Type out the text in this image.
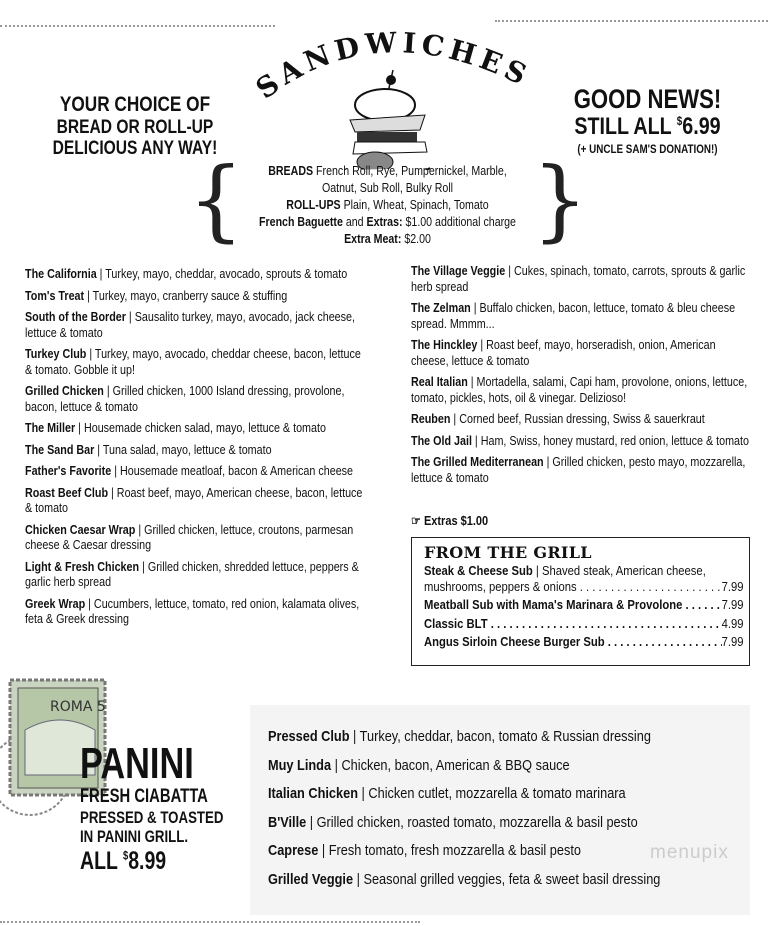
SANDWICHES
YOUR CHOICE OF
BREAD OR ROLL-UP
DELICIOUS ANY WAY!
GOOD NEWS!
STILL ALL $6.99
(+ UNCLE SAM'S DONATION!)
{	}
BREADS French Roll, Rye, Pumpernickel, Marble, Oatnut, Sub Roll, Bulky Roll
ROLL-UPS Plain, Wheat, Spinach, Tomato
French Baguette and Extras: $1.00 additional charge
Extra Meat: $2.00
The California | Turkey, mayo, cheddar, avocado, sprouts & tomato
Tom's Treat | Turkey, mayo, cranberry sauce & stuffing
South of the Border | Sausalito turkey, mayo, avocado, jack cheese, lettuce & tomato
Turkey Club | Turkey, mayo, avocado, cheddar cheese, bacon, lettuce & tomato. Gobble it up!
Grilled Chicken | Grilled chicken, 1000 Island dressing, provolone, bacon, lettuce & tomato
The Miller | Housemade chicken salad, mayo, lettuce & tomato
The Sand Bar | Tuna salad, mayo, lettuce & tomato
Father's Favorite | Housemade meatloaf, bacon & American cheese
Roast Beef Club | Roast beef, mayo, American cheese, bacon, lettuce & tomato
Chicken Caesar Wrap | Grilled chicken, lettuce, croutons, parmesan cheese & Caesar dressing
Light & Fresh Chicken | Grilled chicken, shredded lettuce, peppers & garlic herb spread
Greek Wrap | Cucumbers, lettuce, tomato, red onion, kalamata olives, feta & Greek dressing
The Village Veggie | Cukes, spinach, tomato, carrots, sprouts & garlic herb spread
The Zelman | Buffalo chicken, bacon, lettuce, tomato & bleu cheese spread. Mmmm...
The Hinckley | Roast beef, mayo, horseradish, onion, American cheese, lettuce & tomato
Real Italian | Mortadella, salami, Capi ham, provolone, onions, lettuce, tomato, pickles, hots, oil & vinegar. Delizioso!
Reuben | Corned beef, Russian dressing, Swiss & sauerkraut
The Old Jail | Ham, Swiss, honey mustard, red onion, lettuce & tomato
The Grilled Mediterranean | Grilled chicken, pesto mayo, mozzarella, lettuce & tomato
☞ Extras $1.00
FROM THE GRILL
Steak & Cheese Sub | Shaved steak, American cheese,
mushrooms, peppers & onions . . .	7.99
Meatball Sub with Mama's Marinara & Provolone . . .	7.99
Classic BLT . . .	4.99
Angus Sirloin Cheese Burger Sub . . .	7.99
ROMA 5
PANINI
FRESH CIABATTA
PRESSED & TOASTED
IN PANINI GRILL.
ALL $8.99
Pressed Club | Turkey, cheddar, bacon, tomato & Russian dressing
Muy Linda | Chicken, bacon, American & BBQ sauce
Italian Chicken | Chicken cutlet, mozzarella & tomato marinara
B'Ville | Grilled chicken, roasted tomato, mozzarella & basil pesto
Caprese | Fresh tomato, fresh mozzarella & basil pesto
Grilled Veggie | Seasonal grilled veggies, feta & sweet basil dressing
menupix
